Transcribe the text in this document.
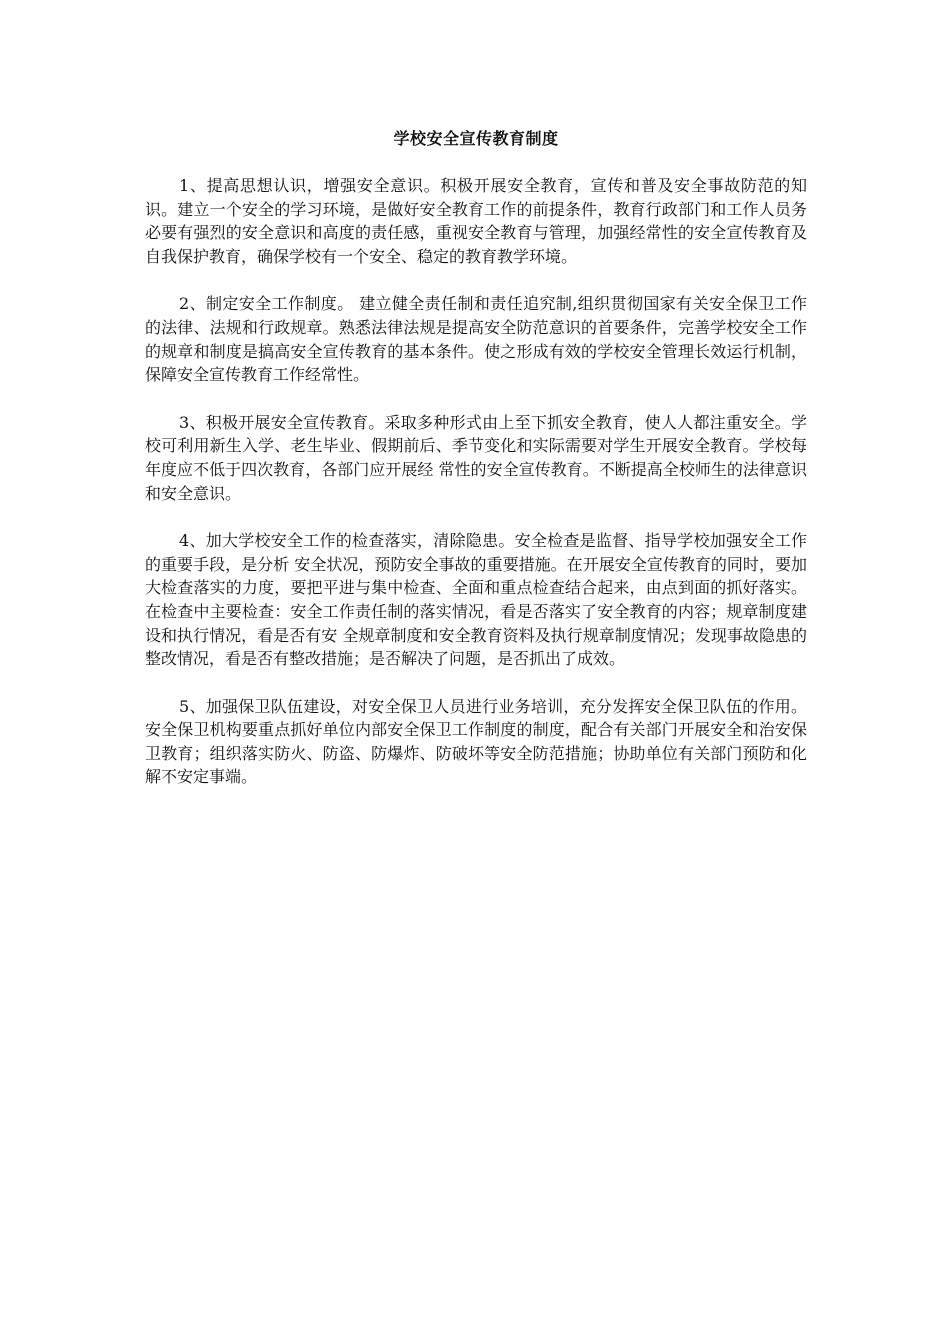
学校安全宣传教育制度

1、提高思想认识，增强安全意识。积极开展安全教育，宣传和普及安全事故防范的知识。建立一个安全的学习环境，是做好安全教育工作的前提条件，教育行政部门和工作人员务必要有强烈的安全意识和高度的责任感，重视安全教育与管理，加强经常性的安全宣传教育及自我保护教育，确保学校有一个安全、稳定的教育教学环境。

2、制定安全工作制度。 建立健全责任制和责任追究制,组织贯彻国家有关安全保卫工作的法律、法规和行政规章。熟悉法律法规是提高安全防范意识的首要条件，完善学校安全工作的规章和制度是搞高安全宣传教育的基本条件。使之形成有效的学校安全管理长效运行机制，保障安全宣传教育工作经常性。

3、积极开展安全宣传教育。采取多种形式由上至下抓安全教育，使人人都注重安全。学校可利用新生入学、老生毕业、假期前后、季节变化和实际需要对学生开展安全教育。学校每年度应不低于四次教育，各部门应开展经 常性的安全宣传教育。不断提高全校师生的法律意识和安全意识。

4、加大学校安全工作的检查落实，清除隐患。安全检查是监督、指导学校加强安全工作的重要手段，是分析 安全状况，预防安全事故的重要措施。在开展安全宣传教育的同时，要加大检查落实的力度，要把平进与集中检查、全面和重点检查结合起来，由点到面的抓好落实。在检查中主要检查：安全工作责任制的落实情况，看是否落实了安全教育的内容；规章制度建设和执行情况，看是否有安 全规章制度和安全教育资料及执行规章制度情况；发现事故隐患的整改情况，看是否有整改措施；是否解决了问题，是否抓出了成效。

5、加强保卫队伍建设，对安全保卫人员进行业务培训，充分发挥安全保卫队伍的作用。安全保卫机构要重点抓好单位内部安全保卫工作制度的制度，配合有关部门开展安全和治安保卫教育；组织落实防火、防盗、防爆炸、防破坏等安全防范措施；协助单位有关部门预防和化解不安定事端。
